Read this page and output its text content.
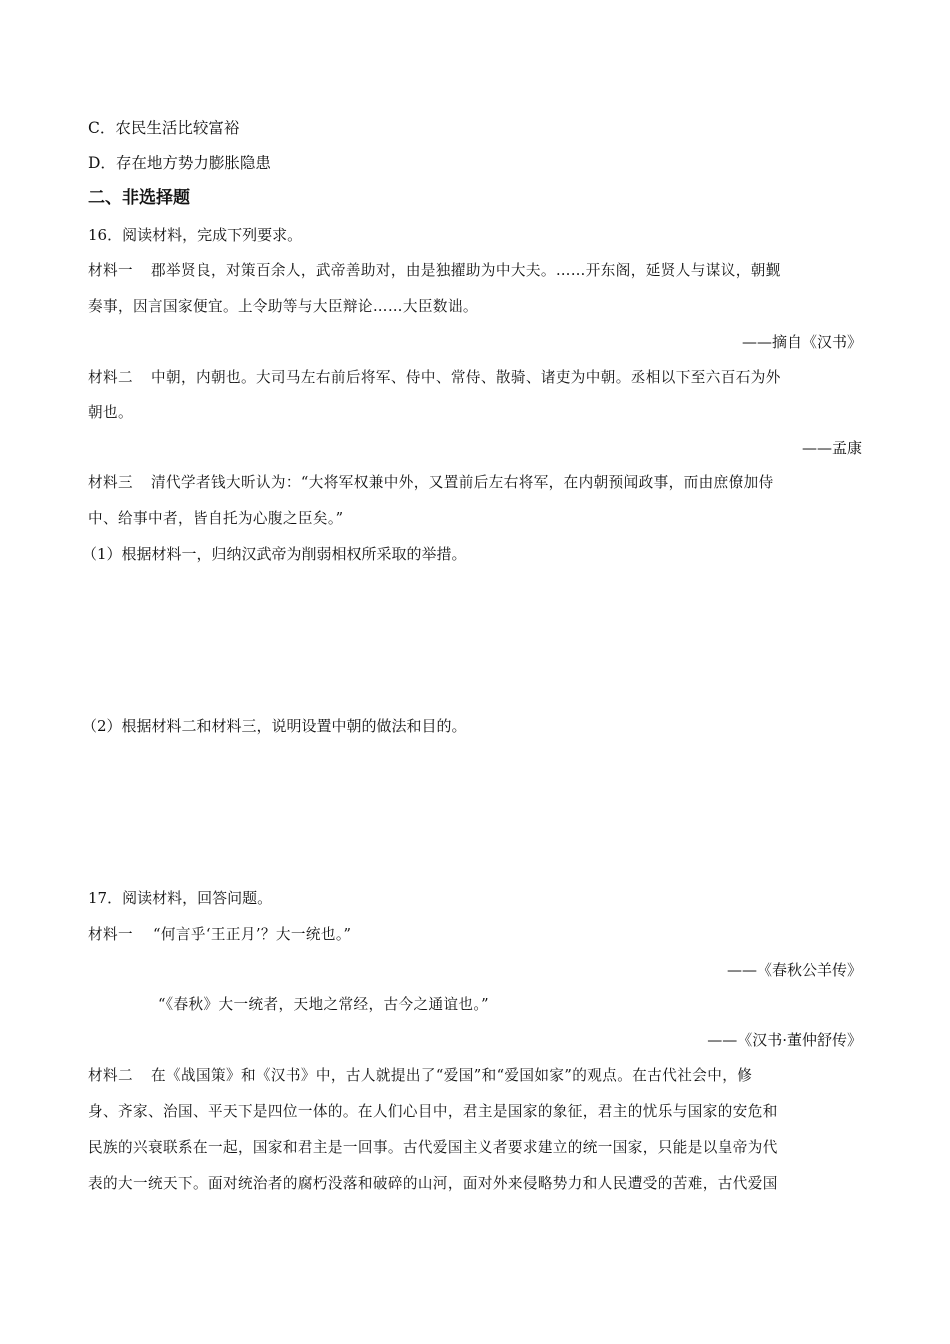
C．农民生活比较富裕

D．存在地方势力膨胀隐患

二、非选择题

16．阅读材料，完成下列要求。

材料一 郡举贤良，对策百余人，武帝善助对，由是独擢助为中大夫。……开东阁，延贤人与谋议，朝觐

奏事，因言国家便宜。上令助等与大臣辩论……大臣数诎。

——摘自《汉书》

材料二 中朝，内朝也。大司马左右前后将军、侍中、常侍、散骑、诸吏为中朝。丞相以下至六百石为外

朝也。

——孟康

材料三 清代学者钱大昕认为：“大将军权兼中外，又置前后左右将军，在内朝预闻政事，而由庶僚加侍

中、给事中者，皆自托为心腹之臣矣。”

（1）根据材料一，归纳汉武帝为削弱相权所采取的举措。

（2）根据材料二和材料三，说明设置中朝的做法和目的。

17．阅读材料，回答问题。

材料一 “何言乎‘王正月’？大一统也。”

——《春秋公羊传》

“《春秋》大一统者，天地之常经，古今之通谊也。”

——《汉书·董仲舒传》

材料二 在《战国策》和《汉书》中，古人就提出了“爱国”和“爱国如家”的观点。在古代社会中，修

身、齐家、治国、平天下是四位一体的。在人们心目中，君主是国家的象征，君主的忧乐与国家的安危和

民族的兴衰联系在一起，国家和君主是一回事。古代爱国主义者要求建立的统一国家，只能是以皇帝为代

表的大一统天下。面对统治者的腐朽没落和破碎的山河，面对外来侵略势力和人民遭受的苦难，古代爱国
